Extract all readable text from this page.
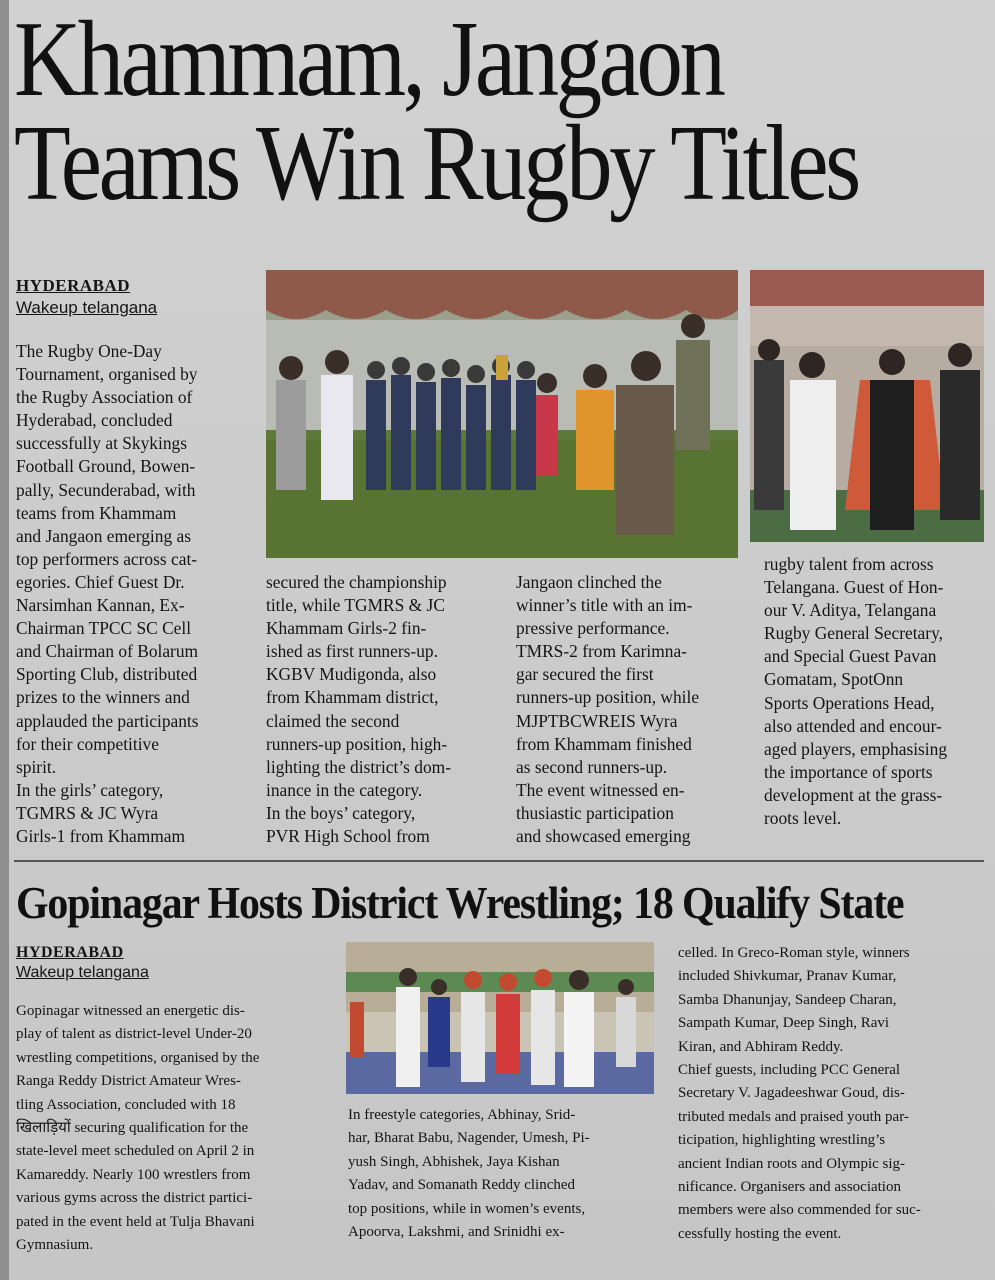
Khammam, Jangaon
Teams Win Rugby Titles

HYDERABAD

Wakeup telangana

The Rugby One-Day
Tournament, organised by
the Rugby Association of
Hyderabad, concluded
successfully at Skykings
Football Ground, Bowen-
pally, Secunderabad, with
teams from Khammam
and Jangaon emerging as
top performers across cat-
egories. Chief Guest Dr.
Narsimhan Kannan, Ex-
Chairman TPCC SC Cell
and Chairman of Bolarum
Sporting Club, distributed
prizes to the winners and
applauded the participants
for their competitive
spirit.
In the girls’ category,
TGMRS & JC Wyra
Girls-1 from Khammam

secured the championship
title, while TGMRS & JC
Khammam Girls-2 fin-
ished as first runners-up.
KGBV Mudigonda, also
from Khammam district,
claimed the second
runners-up position, high-
lighting the district’s dom-
inance in the category.
In the boys’ category,
PVR High School from

Jangaon clinched the
winner’s title with an im-
pressive performance.
TMRS-2 from Karimna-
gar secured the first
runners-up position, while
MJPTBCWREIS Wyra
from Khammam finished
as second runners-up.
The event witnessed en-
thusiastic participation
and showcased emerging

rugby talent from across
Telangana. Guest of Hon-
our V. Aditya, Telangana
Rugby General Secretary,
and Special Guest Pavan
Gomatam, SpotOnn
Sports Operations Head,
also attended and encour-
aged players, emphasising
the importance of sports
development at the grass-
roots level.

Gopinagar Hosts District Wrestling; 18 Qualify State

HYDERABAD

Wakeup telangana

Gopinagar witnessed an energetic dis-
play of talent as district-level Under-20
wrestling competitions, organised by the
Ranga Reddy District Amateur Wres-
tling Association, concluded with 18
खिलाड़ियों securing qualification for the
state-level meet scheduled on April 2 in
Kamareddy. Nearly 100 wrestlers from
various gyms across the district partici-
pated in the event held at Tulja Bhavani
Gymnasium.

In freestyle categories, Abhinay, Srid-
har, Bharat Babu, Nagender, Umesh, Pi-
yush Singh, Abhishek, Jaya Kishan
Yadav, and Somanath Reddy clinched
top positions, while in women’s events,
Apoorva, Lakshmi, and Srinidhi ex-

celled. In Greco-Roman style, winners
included Shivkumar, Pranav Kumar,
Samba Dhanunjay, Sandeep Charan,
Sampath Kumar, Deep Singh, Ravi
Kiran, and Abhiram Reddy.
Chief guests, including PCC General
Secretary V. Jagadeeshwar Goud, dis-
tributed medals and praised youth par-
ticipation, highlighting wrestling’s
ancient Indian roots and Olympic sig-
nificance. Organisers and association
members were also commended for suc-
cessfully hosting the event.
